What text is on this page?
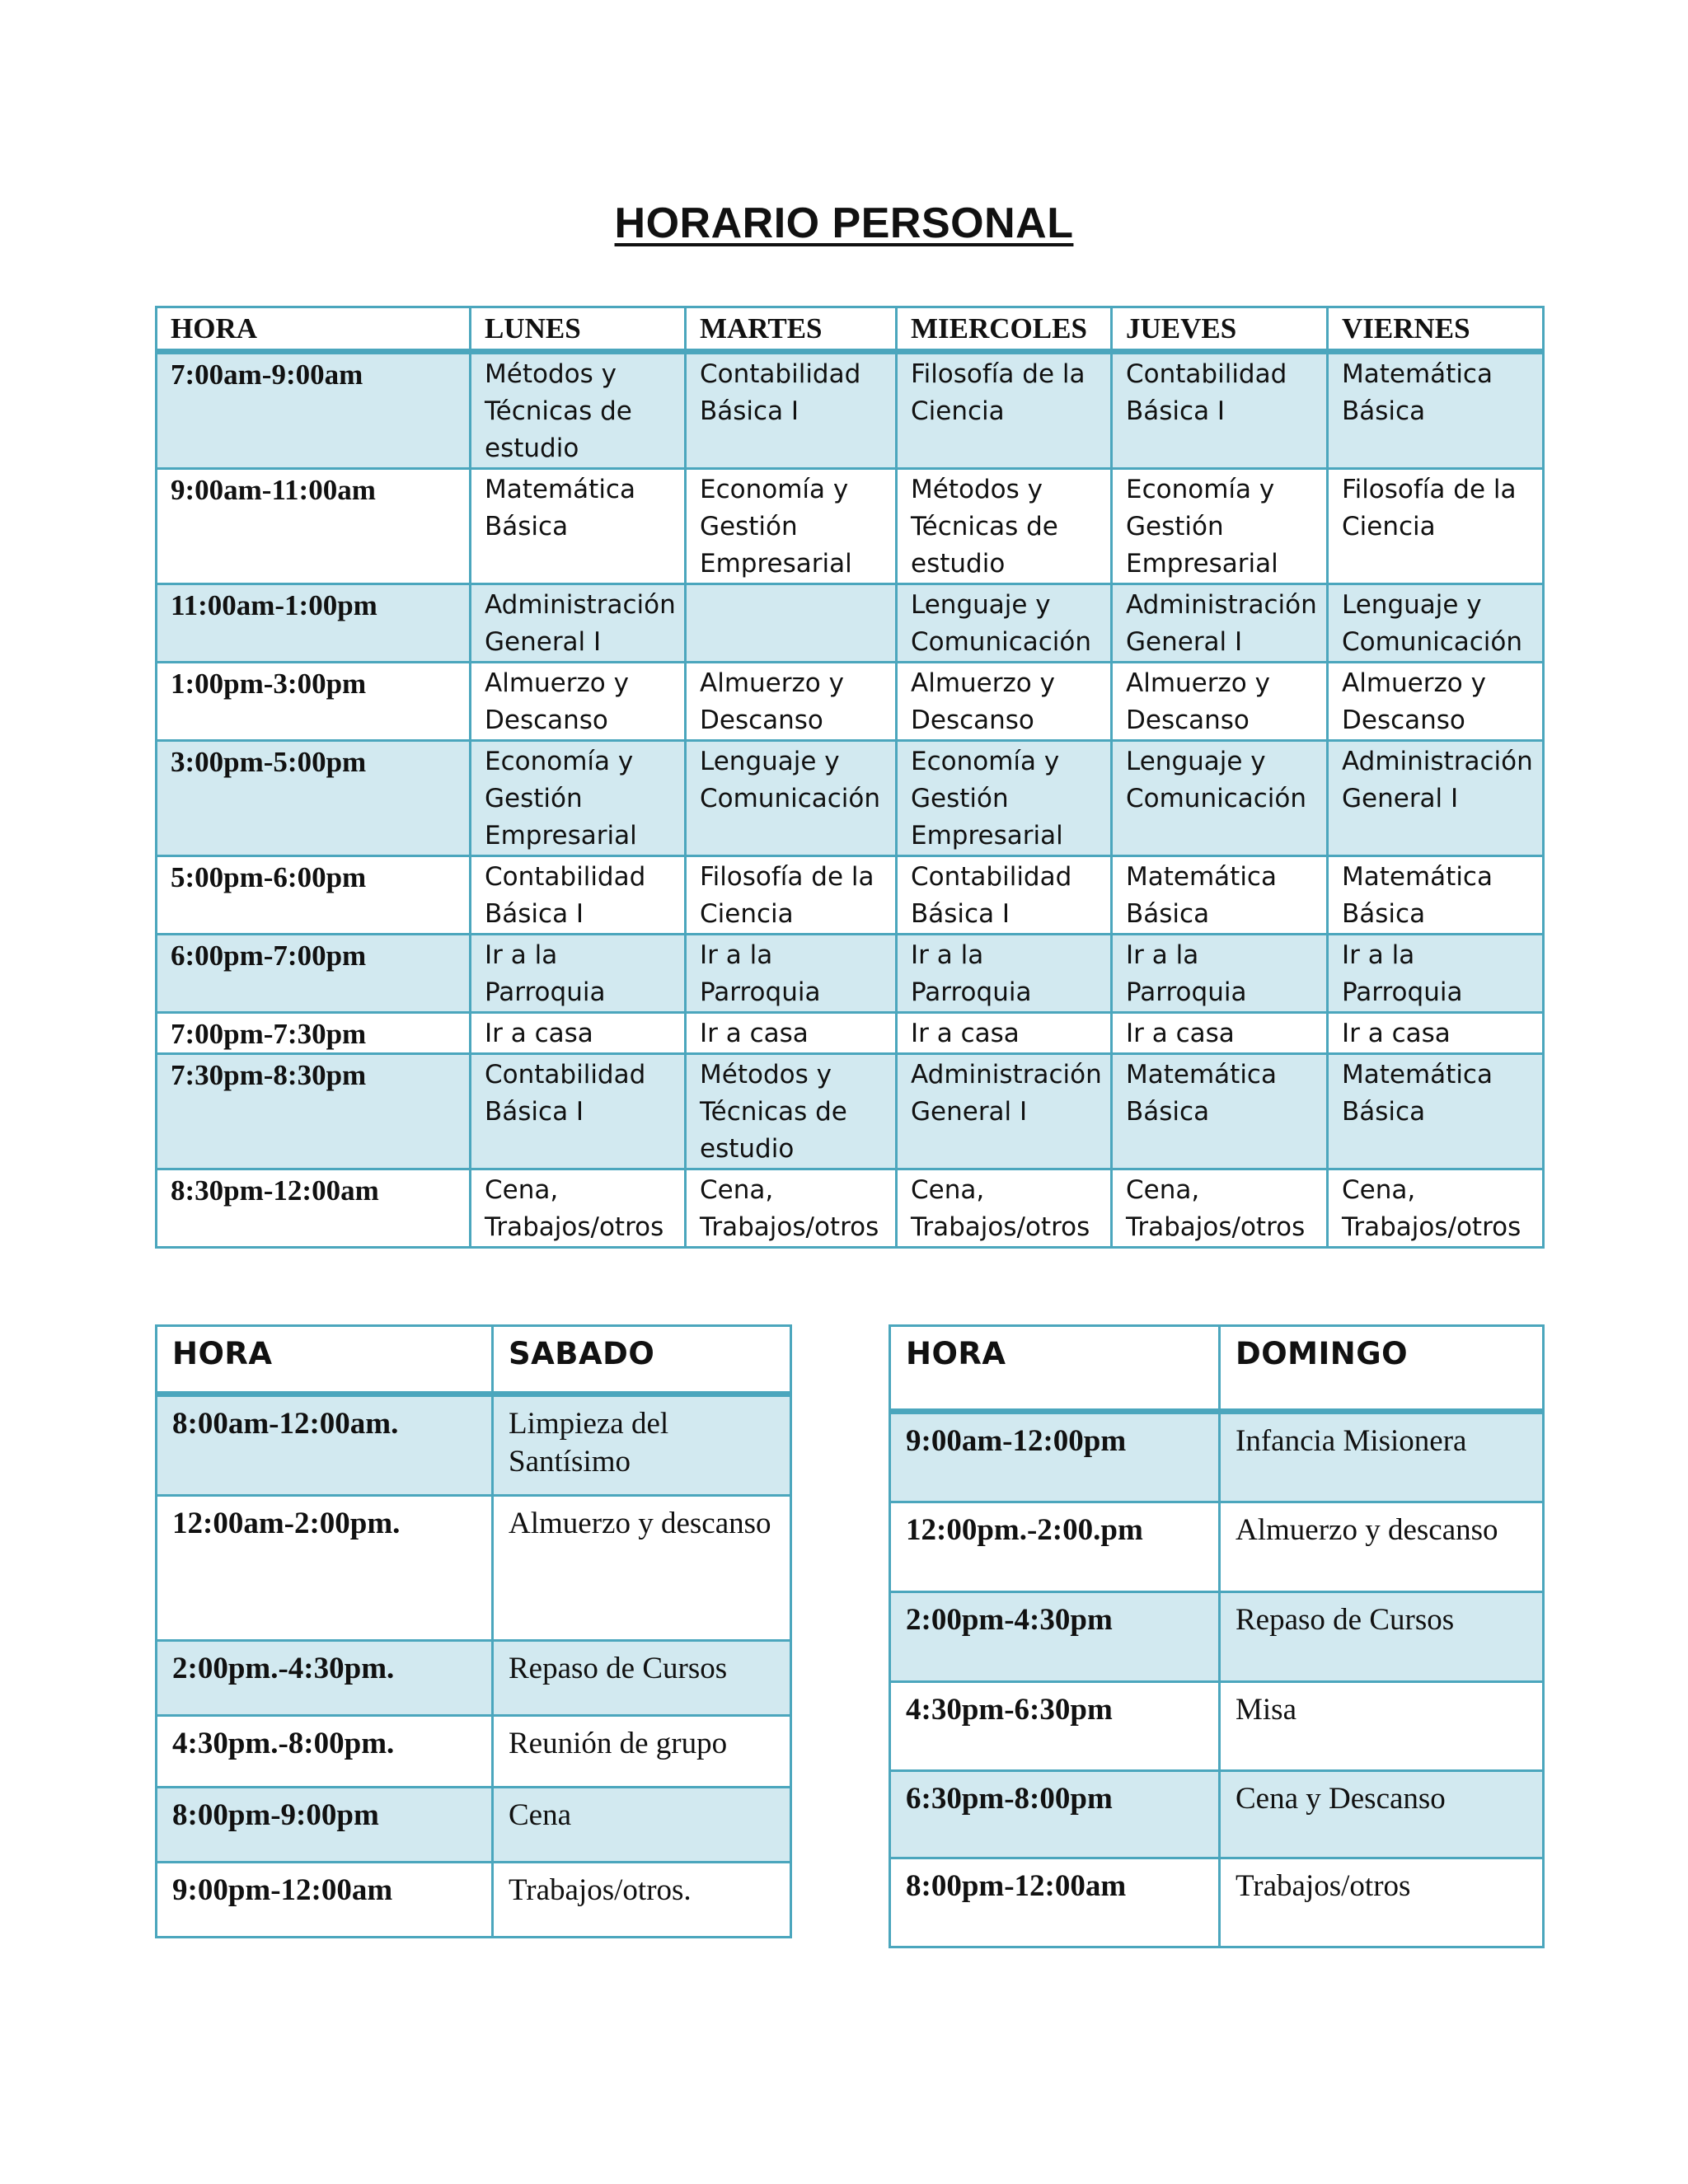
HORARIO PERSONAL
HORA	LUNES	MARTES	MIERCOLES	JUEVES	VIERNES
7:00am-9:00am	Métodos y Técnicas de estudio	Contabilidad Básica I	Filosofía de la Ciencia	Contabilidad Básica I	Matemática Básica
9:00am-11:00am	Matemática Básica	Economía y Gestión Empresarial	Métodos y Técnicas de estudio	Economía y Gestión Empresarial	Filosofía de la Ciencia
11:00am-1:00pm	Administración General I		Lenguaje y Comunicación	Administración General I	Lenguaje y Comunicación
1:00pm-3:00pm	Almuerzo y Descanso	Almuerzo y Descanso	Almuerzo y Descanso	Almuerzo y Descanso	Almuerzo y Descanso
3:00pm-5:00pm	Economía y Gestión Empresarial	Lenguaje y Comunicación	Economía y Gestión Empresarial	Lenguaje y Comunicación	Administración General I
5:00pm-6:00pm	Contabilidad Básica I	Filosofía de la Ciencia	Contabilidad Básica I	Matemática Básica	Matemática Básica
6:00pm-7:00pm	Ir a la Parroquia	Ir a la Parroquia	Ir a la Parroquia	Ir a la Parroquia	Ir a la Parroquia
7:00pm-7:30pm	Ir a casa	Ir a casa	Ir a casa	Ir a casa	Ir a casa
7:30pm-8:30pm	Contabilidad Básica I	Métodos y Técnicas de estudio	Administración General I	Matemática Básica	Matemática Básica
8:30pm-12:00am	Cena, Trabajos/otros	Cena, Trabajos/otros	Cena, Trabajos/otros	Cena, Trabajos/otros	Cena, Trabajos/otros
HORA	SABADO
8:00am-12:00am.	Limpieza del Santísimo
12:00am-2:00pm.	Almuerzo y descanso
2:00pm.-4:30pm.	Repaso de Cursos
4:30pm.-8:00pm.	Reunión de grupo
8:00pm-9:00pm	Cena
9:00pm-12:00am	Trabajos/otros.
HORA	DOMINGO
9:00am-12:00pm	Infancia Misionera
12:00pm.-2:00.pm	Almuerzo y descanso
2:00pm-4:30pm	Repaso de Cursos
4:30pm-6:30pm	Misa
6:30pm-8:00pm	Cena y Descanso
8:00pm-12:00am	Trabajos/otros
